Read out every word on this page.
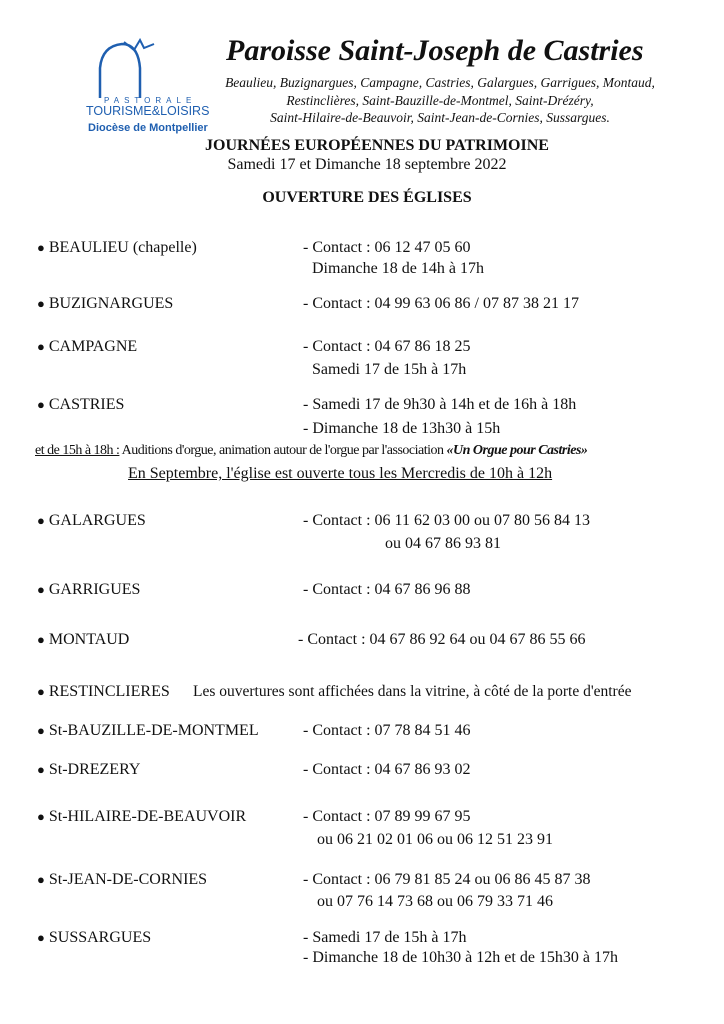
PASTORALE
TOURISME&LOISIRS
Diocèse de Montpellier
Paroisse Saint-Joseph de Castries
Beaulieu, Buzignargues, Campagne, Castries, Galargues, Garrigues, Montaud,
Restinclières, Saint-Bauzille-de-Montmel, Saint-Drézéry,
Saint-Hilaire-de-Beauvoir, Saint-Jean-de-Cornies, Sussargues.
JOURNÉES EUROPÉENNES DU PATRIMOINE
Samedi 17 et Dimanche 18 septembre 2022
OUVERTURE DES ÉGLISES
● BEAULIEU (chapelle)	- Contact : 06 12 47 05 60
Dimanche 18 de 14h à 17h
● BUZIGNARGUES	- Contact : 04 99 63 06 86 / 07 87 38 21 17
● CAMPAGNE	- Contact : 04 67 86 18 25
Samedi 17 de 15h à 17h
● CASTRIES	- Samedi 17 de 9h30 à 14h et de 16h à 18h
- Dimanche 18 de 13h30 à 15h
et de 15h à 18h : Auditions d'orgue, animation autour de l'orgue par l'association «Un Orgue pour Castries»
En Septembre, l'église est ouverte tous les Mercredis de 10h à 12h
● GALARGUES	- Contact : 06 11 62 03 00 ou 07 80 56 84 13
ou 04 67 86 93 81
● GARRIGUES	- Contact : 04 67 86 96 88
● MONTAUD	- Contact : 04 67 86 92 64 ou 04 67 86 55 66
● RESTINCLIERES Les ouvertures sont affichées dans la vitrine, à côté de la porte d'entrée
● St-BAUZILLE-DE-MONTMEL	- Contact : 07 78 84 51 46
● St-DREZERY	- Contact : 04 67 86 93 02
● St-HILAIRE-DE-BEAUVOIR	- Contact : 07 89 99 67 95
ou 06 21 02 01 06 ou 06 12 51 23 91
● St-JEAN-DE-CORNIES	- Contact : 06 79 81 85 24 ou 06 86 45 87 38
ou 07 76 14 73 68 ou 06 79 33 71 46
● SUSSARGUES	- Samedi 17 de 15h à 17h
- Dimanche 18 de 10h30 à 12h et de 15h30 à 17h
